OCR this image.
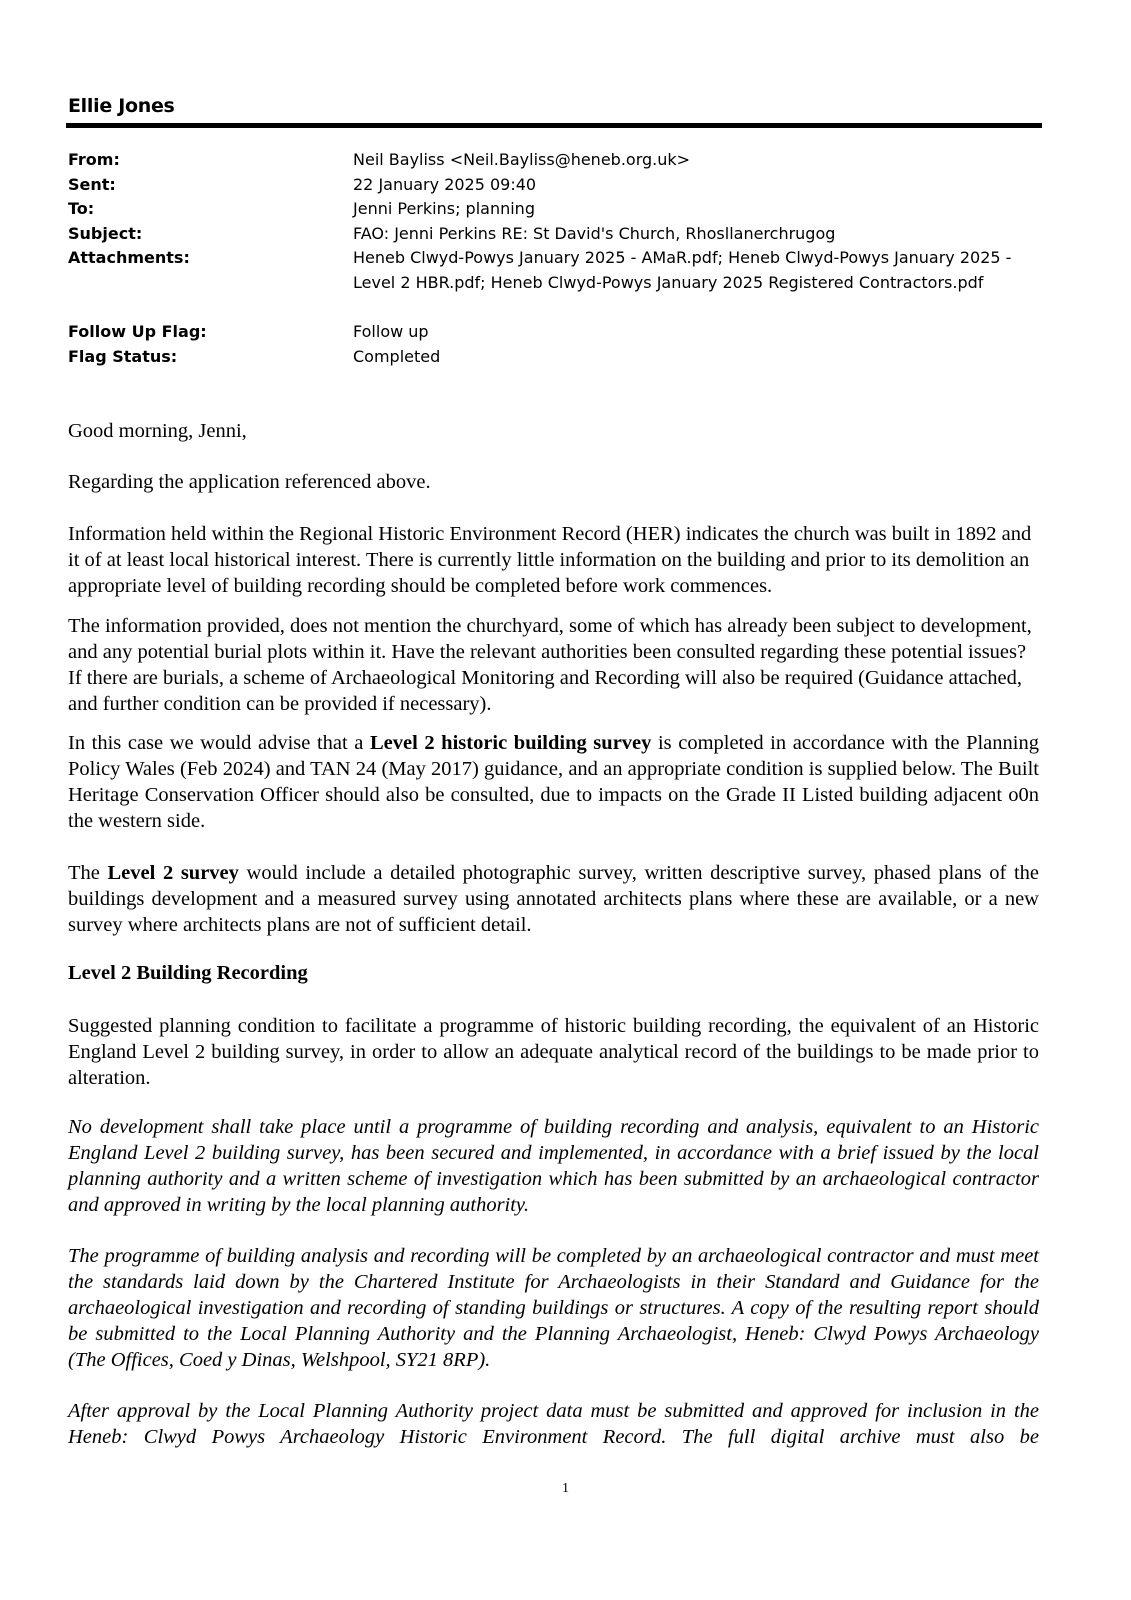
Ellie Jones
From:	Neil Bayliss <Neil.Bayliss@heneb.org.uk>
Sent:	22 January 2025 09:40
To:	Jenni Perkins; planning
Subject:	FAO: Jenni Perkins RE: St David's Church, Rhosllanerchrugog
Attachments:	Heneb Clwyd-Powys January 2025 - AMaR.pdf; Heneb Clwyd-Powys January 2025 - Level 2 HBR.pdf; Heneb Clwyd-Powys January 2025 Registered Contractors.pdf
Follow Up Flag:	Follow up
Flag Status:	Completed

Good morning, Jenni,

Regarding the application referenced above.

Information held within the Regional Historic Environment Record (HER) indicates the church was built in 1892 and it of at least local historical interest. There is currently little information on the building and prior to its demolition an appropriate level of building recording should be completed before work commences.

The information provided, does not mention the churchyard, some of which has already been subject to development, and any potential burial plots within it. Have the relevant authorities been consulted regarding these potential issues? If there are burials, a scheme of Archaeological Monitoring and Recording will also be required (Guidance attached, and further condition can be provided if necessary).

In this case we would advise that a Level 2 historic building survey is completed in accordance with the Planning Policy Wales (Feb 2024) and TAN 24 (May 2017) guidance, and an appropriate condition is supplied below. The Built Heritage Conservation Officer should also be consulted, due to impacts on the Grade II Listed building adjacent o0n the western side.

The Level 2 survey would include a detailed photographic survey, written descriptive survey, phased plans of the buildings development and a measured survey using annotated architects plans where these are available, or a new survey where architects plans are not of sufficient detail.

Level 2 Building Recording

Suggested planning condition to facilitate a programme of historic building recording, the equivalent of an Historic England Level 2 building survey, in order to allow an adequate analytical record of the buildings to be made prior to alteration.

No development shall take place until a programme of building recording and analysis, equivalent to an Historic England Level 2 building survey, has been secured and implemented, in accordance with a brief issued by the local planning authority and a written scheme of investigation which has been submitted by an archaeological contractor and approved in writing by the local planning authority.

The programme of building analysis and recording will be completed by an archaeological contractor and must meet the standards laid down by the Chartered Institute for Archaeologists in their Standard and Guidance for the archaeological investigation and recording of standing buildings or structures. A copy of the resulting report should be submitted to the Local Planning Authority and the Planning Archaeologist, Heneb: Clwyd Powys Archaeology (The Offices, Coed y Dinas, Welshpool, SY21 8RP).

After approval by the Local Planning Authority project data must be submitted and approved for inclusion in the Heneb: Clwyd Powys Archaeology Historic Environment Record. The full digital archive must also be

1
